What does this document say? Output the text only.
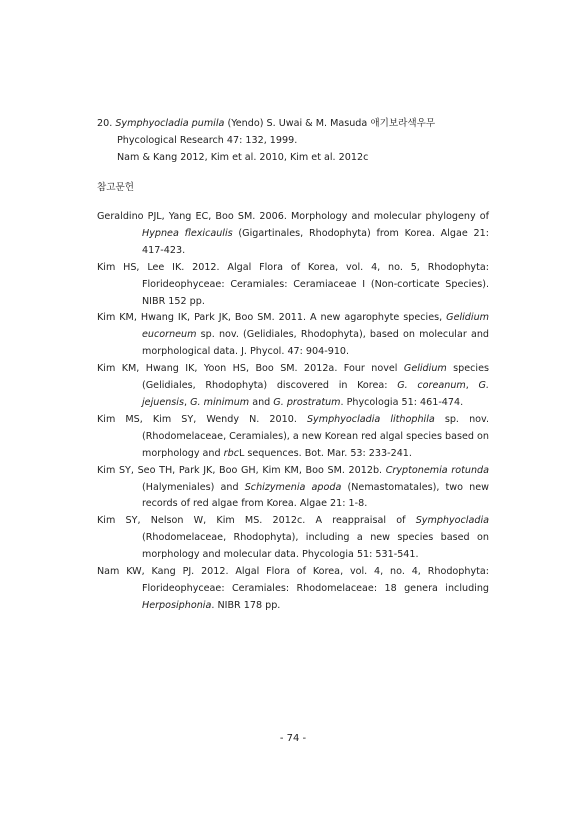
20. Symphyocladia pumila (Yendo) S. Uwai & M. Masuda 애기보라색우무
Phycological Research 47: 132, 1999.
Nam & Kang 2012, Kim et al. 2010, Kim et al. 2012c
참고문헌
Geraldino PJL, Yang EC, Boo SM. 2006. Morphology and molecular phylogeny of Hypnea flexicaulis (Gigartinales, Rhodophyta) from Korea. Algae 21: 417-423.
Kim HS, Lee IK. 2012. Algal Flora of Korea, vol. 4, no. 5, Rhodophyta: Florideophyceae: Ceramiales: Ceramiaceae I (Non-corticate Species). NIBR 152 pp.
Kim KM, Hwang IK, Park JK, Boo SM. 2011. A new agarophyte species, Gelidium eucorneum sp. nov. (Gelidiales, Rhodophyta), based on molecular and morphological data. J. Phycol. 47: 904-910.
Kim KM, Hwang IK, Yoon HS, Boo SM. 2012a. Four novel Gelidium species (Gelidiales, Rhodophyta) discovered in Korea: G. coreanum, G. jejuensis, G. minimum and G. prostratum. Phycologia 51: 461-474.
Kim MS, Kim SY, Wendy N. 2010. Symphyocladia lithophila sp. nov. (Rhodomelaceae, Ceramiales), a new Korean red algal species based on morphology and rbcL sequences. Bot. Mar. 53: 233-241.
Kim SY, Seo TH, Park JK, Boo GH, Kim KM, Boo SM. 2012b. Cryptonemia rotunda (Halymeniales) and Schizymenia apoda (Nemastomatales), two new records of red algae from Korea. Algae 21: 1-8.
Kim SY, Nelson W, Kim MS. 2012c. A reappraisal of Symphyocladia (Rhodomelaceae, Rhodophyta), including a new species based on morphology and molecular data. Phycologia 51: 531-541.
Nam KW, Kang PJ. 2012. Algal Flora of Korea, vol. 4, no. 4, Rhodophyta: Florideophyceae: Ceramiales: Rhodomelaceae: 18 genera including Herposiphonia. NIBR 178 pp.
- 74 -
